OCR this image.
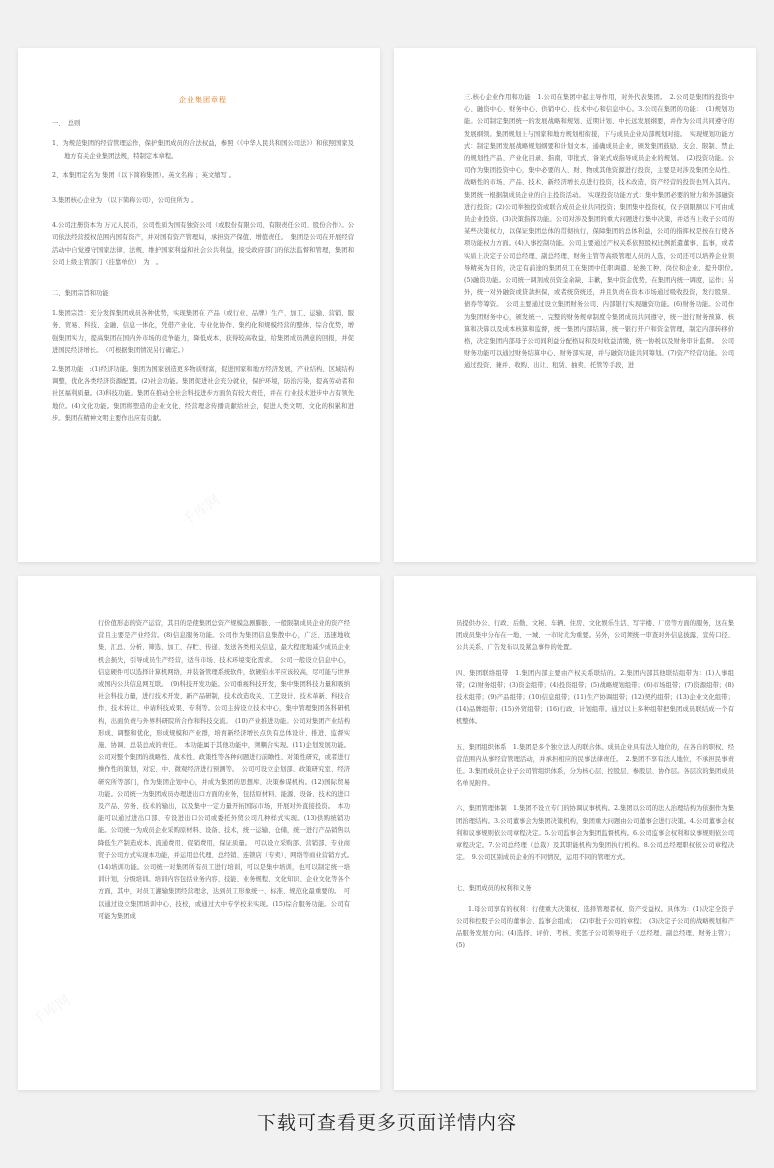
企业集团章程
一、　总则
1、为规范集团的经营管理运作，保护集团成员的合法权益，参照（《中华人民共和国公司法》）和依照国家及地方有关企业集团法规，特制定本章程。
2、本集团定名为 集团（以下简称集团）。英文名称 ；英文缩写 。
3.集团核心企业为 （以下简称公司），公司住所为 。
4.公司注册资本为 万元人民币，公司性质为国有独资公司（或股份有限公司、有限责任公司、股份合作）。公司依法经营授权范围内国有资产，并对国有资产管理局，承担资产保值、增值责任。　集团是公司在开展经营活动中自觉遵守国家法律、法规，维护国家利益和社会公共利益，接受政府部门的依法监督和管理，集团和公司上级主管部门（挂靠单位）　为　。
二、集团宗旨和功能
1.集团宗旨：充分发挥集团成员各种优势，实现集团在 产品（或行业、品牌）生产、加工、运输、营销、服务、贸易、科技、金融、信息一体化，凭借产业化、专业化协作、集约化和规模经营的整体、综合优势，增强集团实力，提高集团在国内外市场的竞争能力，降低成本，获得较高收益，给集团成员满意的回报，并促进国民经济增长。　（可根据集团情况另行确定。）
2.集团功能　:(1)经济功能。集团为国家创造更多物质财富，促进国家和地方经济发展，产业结构、区域结构调整，优化各类经济资源配置。(2)社会功能。集团促进社会充分就业，保护环境，防治污染，提高劳动者和社区福利质量。(3)科技功能。集团在推动全社会科技进步方面负有较大责任，并在 行业技术进步中占有领先地位。(4)文化功能。集团将塑造的企业文化、经营理念传播贡献给社会，促进人类文明、文化的积累和进步。集团在精神文明主要作出应有贡献。
三.核心企业作用和功能　1.公司在集团中起主导作用，对外代表集团。　2.公司是集团的投资中心、融资中心、财务中心、供销中心、技术中心和信息中心。3.公司在集团的功能：　(1)规划功能。公司制定集团统一的发展战略和规划、近期计划、中长远发展纲要，并作为公司共同遵守的发展纲领。集团规划上与国家和地方规划相衔接，下与成员企业局部规划对接。　实现规划功能方式：制定集团发展战略规划纲要和计划文本，通确成员企业，颁发集团鼓励、支会、限制、禁止的规划性产品、产业化目录、指南，审批式、备案式成指导成员企业的规划。　(2)投资功能。公司作为集团投资中心，集中必要的人、财、物或其他资源进行投资，主要是对涉及集团全局性、战略性的市场、产品、技术、新经济增长点进行投资，技术改造，资产经营的投资也列入其内。集团统一根据制成员企业的自主投资活动。　实现投资功能方式：集中集团必要的财力和外部融资进行投资；(2)公司举独投资或联合成员企业共同投资；集团集中投资权，仅予别限额以下可由成员企业投资。(3)决策指挥功能。公司对涉及集团的重大问题进行集中决策，并适当上收子公司的某些决策权力，以保证集团总体的贯彻执行，保障集团的总体利益，公司的指挥权是按在行使各项功能权力方面。(4)人事控制功能。公司主要通过产权关系依照股权比例派遣董事、监事，或者实质上决定子公司总经理、副总经理、财务主管等高级管理人员的人选，公司还可以培养企业领导精英为目的，决定有前途的集团员工在集团中任职调遣、轮换工种、岗位和企业、提升职位。　(5)融资功能。公司统一调剂成员资金余缺、丰歉，集中资金优势，在集团内统一调度，运作；另外，统一对外融资或贷款担保，或者统贷统还，并且负责在资本市场通过吸收投资，发行股票、债券等筹资。　公司主要通过设立集团财务公司、内部银行实现融资功能。(6)财务功能。公司作为集团财务中心，颁发统一、完整的财务规章制度令集团成员共同遵守，统一进行财务预算、核算和决算以及成本核算和监督，统一集团内部结算，统一银行开户和资金管理，制定内部转移价格，决定集团内部母子公司间利益分配格局和及时收益清缴，统一协税以及财务审计监督。　公司财务功能可以通过财务结算中心、财务部实现，并与融资功能共同筹划。(7)资产经营功能。公司通过投资、兼并、收购、出让、租赁、抽卖、托管等手段，进
行价值形态的资产运营，其目的是使集团总资产规模急剧膨胀、一般限制成员企业的资产经营且主要是产业经营。(8)信息服务功能。公司作为集团信息集散中心，广泛、迅速地收集、汇总、分析、筛选、加工、存贮、传递、发送各类相关信息，最大程度地减少成员企业机会损失，引导成员生产经营，适当市场、技术环境变化需求。　公司一般设立信息中心，信息硬件可以选择计算机网络，并装备管理系统软件，软硬伯水平应该较高，尽可能与世界或国内公共信息网互联。　(9)科技开发功能。公司重视科技开发，集中集团科技力量和吸纳社会科技力量，进行技术开发、新产品研制，技术改造攻关、工艺设计、技术革新、科技合作、技术转让、申请科技成果、专利等。公司主持设立技术中心，集中管理集团各科研机构，出面负责与外界科研院所合作和科技交流。　(10)产业推进功能。公司对集团产业结构形成、调整和优化，形成规模和产业群，培育新经济增长点负有总体设计、推进、监督实施、协调、总装总成的责任。　本功能属于其他功能中，须耦合实现。(11)企划发展功能。公司对整个集团的战略性、战术性、政策性等各种问题进行前瞻性、对策性研究，或者进行操作性的策划，对宏、中、微观经济进行预测等。　公司可设立企划部、政策研究室、经济研究所等部门，作为集团企划中心，并成为集团的思想库、决策参谋机构。(12)国际贸易功能。公司统一为集团成员办理进出口方面的业务，包括原材料、能源、设备、技术的进口及产品、劳务、技术的输出，以及集中一定力量开拓国际市场，开展对外直接投资。　本功能可以通过进出口部、专设进出口公司或委托外贸公司几种样式实现。(13)供购统销功能。公司统一为成员企业采购原材料、设备、技术，统一运输、仓储，统一进行产品销售以降低生产制造成本、流通费用、促销费用，保证质量。　可以设立采购部、营销部、专业商贸子公司方式实现本功能，并运用总代理、总经销、连锁店（专卖）、网络等商业营销方式。　(14)培训功能。公司统一对集团所有员工进行培训，可以是集中培训，也可以制定统一培训计划，分级培训。培训内容包括业务内容、技能、业务规程、文化知识、企业文化等各个方面，其中，对员工灌输集团经营理念，达到员工形象统一、标准、规范化最重要的。　可以通过设立集团培训中心、技校，或通过大中专学校来实现。(15)综合服务功能。公司有可能为集团成
员提供办公、行政、后勤、文秘、车辆、住房、文化娱乐生活、写字楼、厂房等方面的服务，这在集团成员集中分布在一地、一城、一市时尤为重要。另外，公司须统一审查对外信息披露、宣传口径、公共关系、广告发布以及紧急事件的处置。
四、集团联络组带　1.集团内部主要由产权关系联结的。2.集团内部其他联结组带为：(1)人事组带；(2)财务组带；(3)资金组带；(4)投资组带；(5)战略规划组带；(6)市场组带；(7)资源组带；(8)技术组带；(9)产品组带；(10)信息组带；(11)生产协调组带；(12)契约组带；(13)企业文化组带；(14)品牌组带；(15)外贸组带；(16)行政、计划组带。通过以上多种组带把集团成员联结成一个有机整体。
五、集团组织体系　1.集团是多个独立法人的联合体。成员企业具有法人地位的，在各自的职权、经营范围内从事经营管理活动，并承担相应的民事法律责任。　2.集团不享有法人地位，不承担民事责任。3.集团成员企业子公司管组织体系，分为核心层、控股层、参股层、协作层。各层次的集团成员名单见附件。
六、集团管理体制　1.集团不设立专门的协调议事机构。2.集团以公司的法人治理结构为依据作为集团治理结构。3.公司董事会为集团决策机构，集团重大问题由公司董事会进行决策。4.公司董事会权利和议事规则依公司章程决定。5.公司监事会为集团监督机构。6.公司监事会权利和议事规则依公司章程决定。7.公司总经理（总裁）及其职能机构为集团执行机构。8.公司总经理职权依公司章程决定。　9.公司区别成员企业的不同情况，运用不同的管理方式。
七、集团成员的权利和义务
1.母公司享有的权利：行使重大决策权、选择管理者权、资产受益权。具体为：(1)决定全资子公司和控股子公司的董事会、监事会组成；　(2)审批子公司的章程；　(3)决定子公司的战略规划和产品服务发展方向；(4)选择、评价、考核、奖惩子公司领导班子（总经理、副总经理、财务主管）；(5)
千库网
千库网
下载可查看更多页面详情内容
